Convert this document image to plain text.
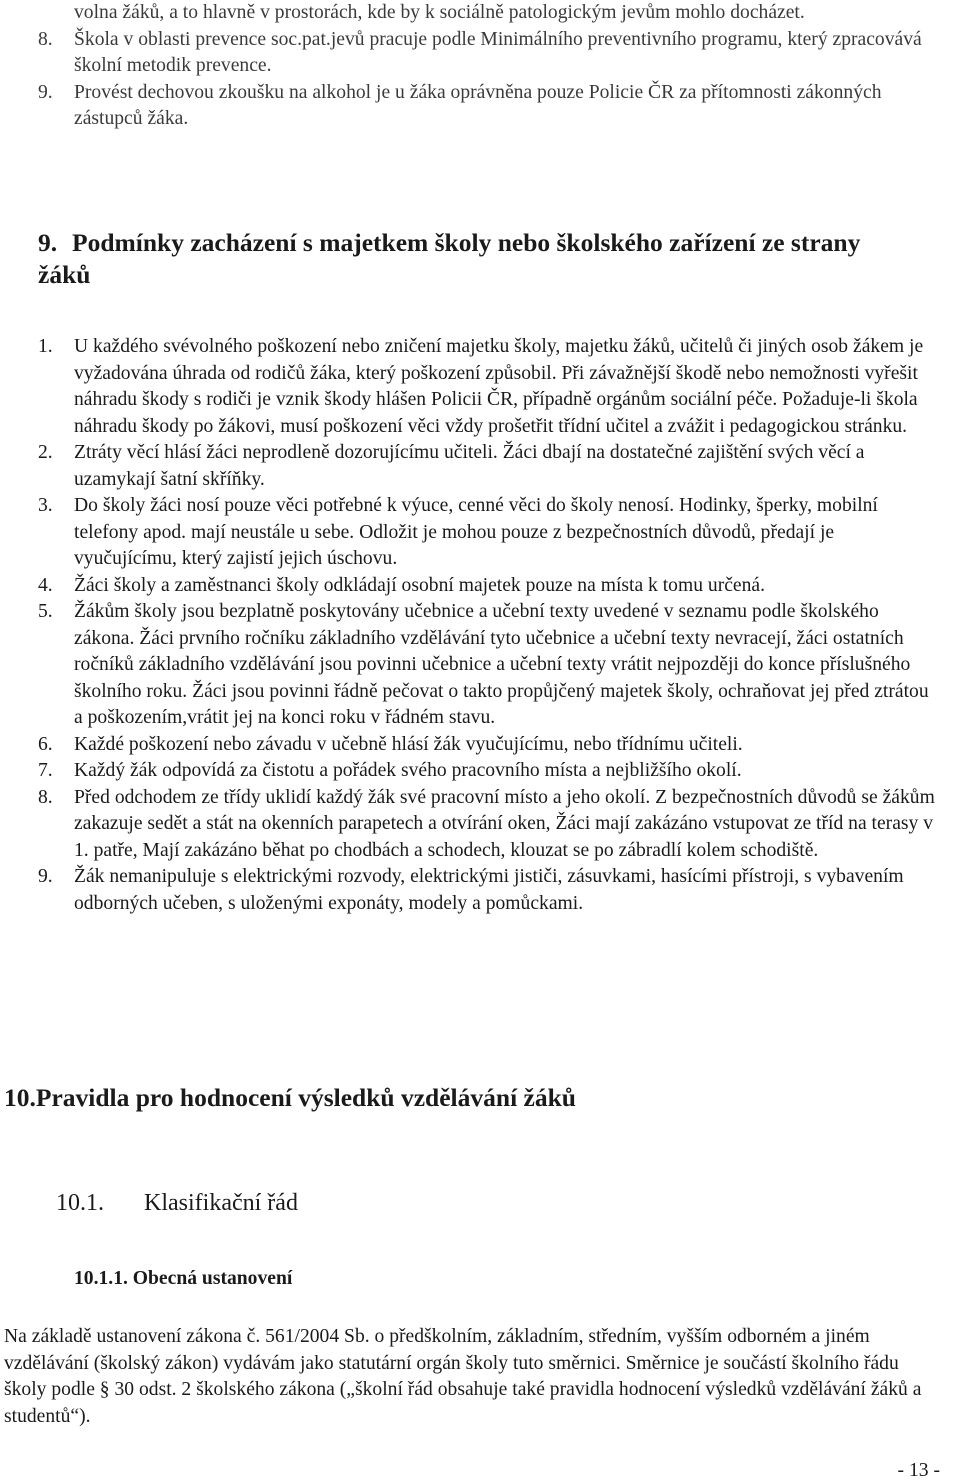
volna žáků, a to hlavně v prostorách, kde by k sociálně patologickým jevům mohlo docházet.
8. Škola v oblasti prevence soc.pat.jevů pracuje podle Minimálního preventivního programu, který zpracovává školní metodik prevence.
9. Provést dechovou zkoušku na alkohol je u žáka oprávněna pouze Policie ČR za přítomnosti zákonných zástupců žáka.
9. Podmínky zacházení s majetkem školy nebo školského zařízení ze strany žáků
1. U každého svévolného poškození nebo zničení majetku školy, majetku žáků, učitelů či jiných osob žákem je vyžadována úhrada od rodičů žáka, který poškození způsobil. Při závažnější škodě nebo nemožnosti vyřešit náhradu škody s rodiči je vznik škody hlášen Policii ČR, případně orgánům sociální péče. Požaduje-li škola náhradu škody po žákovi, musí poškození věci vždy prošetřit třídní učitel a zvážit i pedagogickou stránku.
2. Ztráty věcí hlásí žáci neprodleně dozorujícímu učiteli. Žáci dbají na dostatečné zajištění svých věcí a uzamykají šatní skříňky.
3. Do školy žáci nosí pouze věci potřebné k výuce, cenné věci do školy nenosí. Hodinky, šperky, mobilní telefony apod. mají neustále u sebe. Odložit je mohou pouze z bezpečnostních důvodů, předají je vyučujícímu, který zajistí jejich úschovu.
4. Žáci školy a zaměstnanci školy odkládají osobní majetek pouze na místa k tomu určená.
5. Žákům školy jsou bezplatně poskytovány učebnice a učební texty uvedené v seznamu podle školského zákona. Žáci prvního ročníku základního vzdělávání tyto učebnice a učební texty nevracejí, žáci ostatních ročníků základního vzdělávání jsou povinni učebnice a učební texty vrátit nejpozději do konce příslušného školního roku. Žáci jsou povinni řádně pečovat o takto propůjčený majetek školy, ochraňovat jej před ztrátou a poškozením,vrátit jej na konci roku v řádném stavu.
6. Každé poškození nebo závadu v učebně hlásí žák vyučujícímu, nebo třídnímu učiteli.
7. Každý žák odpovídá za čistotu a pořádek svého pracovního místa a nejbližšího okolí.
8. Před odchodem ze třídy uklidí každý žák své pracovní místo a jeho okolí. Z bezpečnostních důvodů se žákům zakazuje sedět a stát na okenních parapetech a otvírání oken, Žáci mají zakázáno vstupovat ze tříd na terasy v 1. patře, Mají zakázáno běhat po chodbách a schodech, klouzat se po zábradlí kolem schodiště.
9. Žák nemanipuluje s elektrickými rozvody, elektrickými jističi, zásuvkami, hasícími přístroji, s vybavením odborných učeben, s uloženými exponáty, modely a pomůckami.
10.Pravidla pro hodnocení výsledků vzdělávání žáků
10.1. Klasifikační řád
10.1.1. Obecná ustanovení
Na základě ustanovení zákona č. 561/2004 Sb. o předškolním, základním, středním, vyšším odborném a jiném vzdělávání (školský zákon) vydávám jako statutární orgán školy tuto směrnici. Směrnice je součástí školního řádu školy podle § 30 odst. 2 školského zákona („školní řád obsahuje také pravidla hodnocení výsledků vzdělávání žáků a studentů“).
- 13 -
